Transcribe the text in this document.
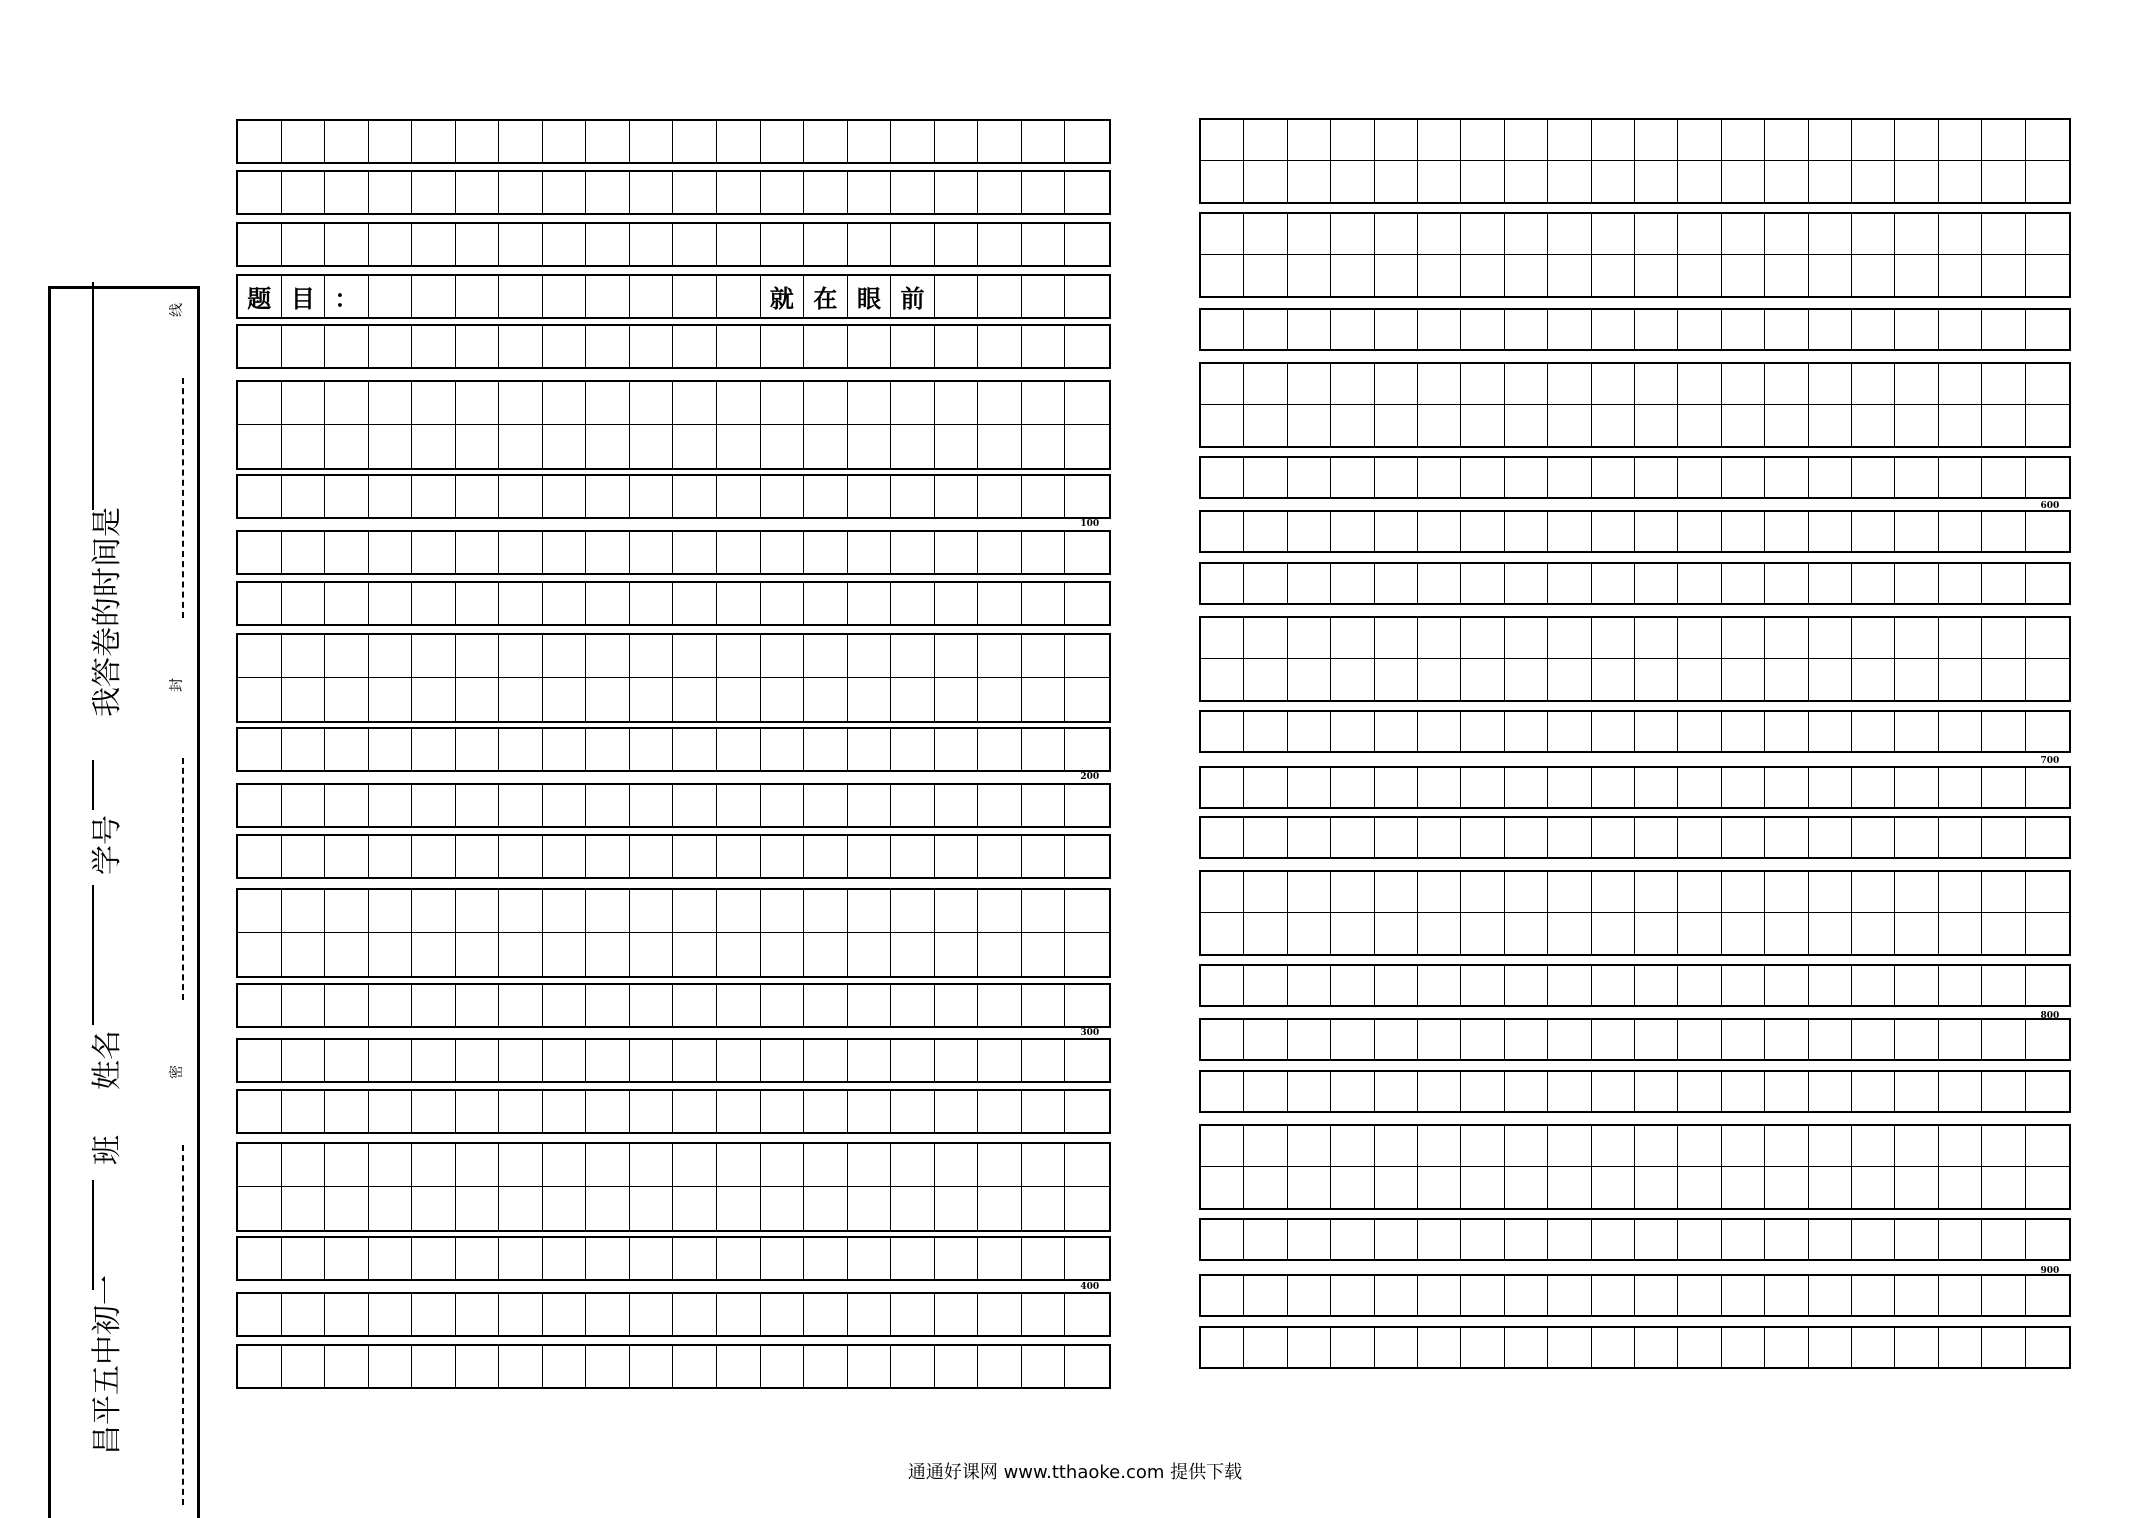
昌平五中初一
班
姓名
学号
我答卷的时间是
线
封
密
题 目 ：	就 在 眼 前
100
200
300
400
600
700
800
900
通通好课网 www.tthaoke.com 提供下载
